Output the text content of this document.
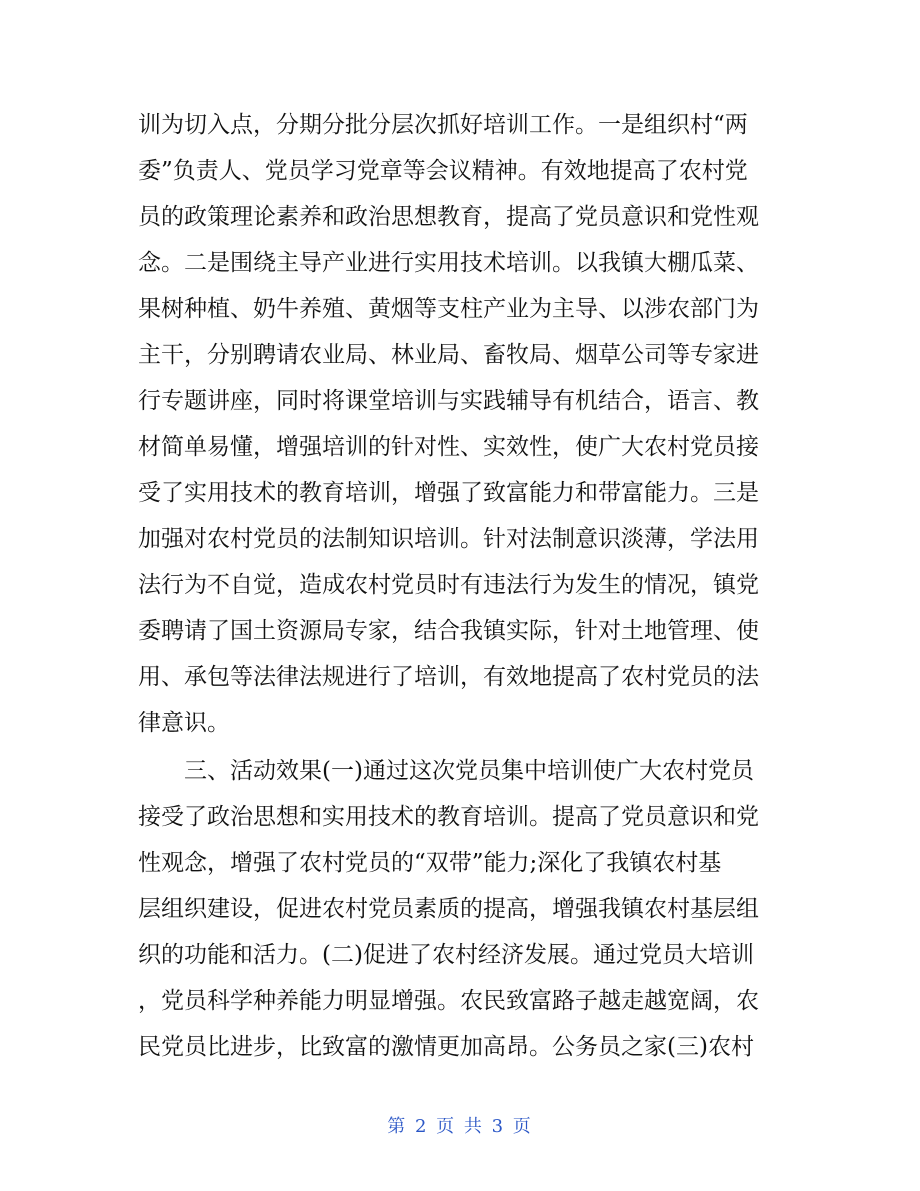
训为切入点，分期分批分层次抓好培训工作。一是组织村“两
委”负责人、党员学习党章等会议精神。有效地提高了农村党
员的政策理论素养和政治思想教育，提高了党员意识和党性观
念。二是围绕主导产业进行实用技术培训。以我镇大棚瓜菜、
果树种植、奶牛养殖、黄烟等支柱产业为主导、以涉农部门为
主干，分别聘请农业局、林业局、畜牧局、烟草公司等专家进
行专题讲座，同时将课堂培训与实践辅导有机结合，语言、教
材简单易懂，增强培训的针对性、实效性，使广大农村党员接
受了实用技术的教育培训，增强了致富能力和带富能力。三是
加强对农村党员的法制知识培训。针对法制意识淡薄，学法用
法行为不自觉，造成农村党员时有违法行为发生的情况，镇党
委聘请了国土资源局专家，结合我镇实际，针对土地管理、使
用、承包等法律法规进行了培训，有效地提高了农村党员的法
律意识。
三、活动效果(一)通过这次党员集中培训使广大农村党员
接受了政治思想和实用技术的教育培训。提高了党员意识和党
性观念，增强了农村党员的“双带”能力;深化了我镇农村基
层组织建设，促进农村党员素质的提高，增强我镇农村基层组
织的功能和活力。(二)促进了农村经济发展。通过党员大培训
，党员科学种养能力明显增强。农民致富路子越走越宽阔，农
民党员比进步，比致富的激情更加高昂。公务员之家(三)农村
第 2 页 共 3 页
